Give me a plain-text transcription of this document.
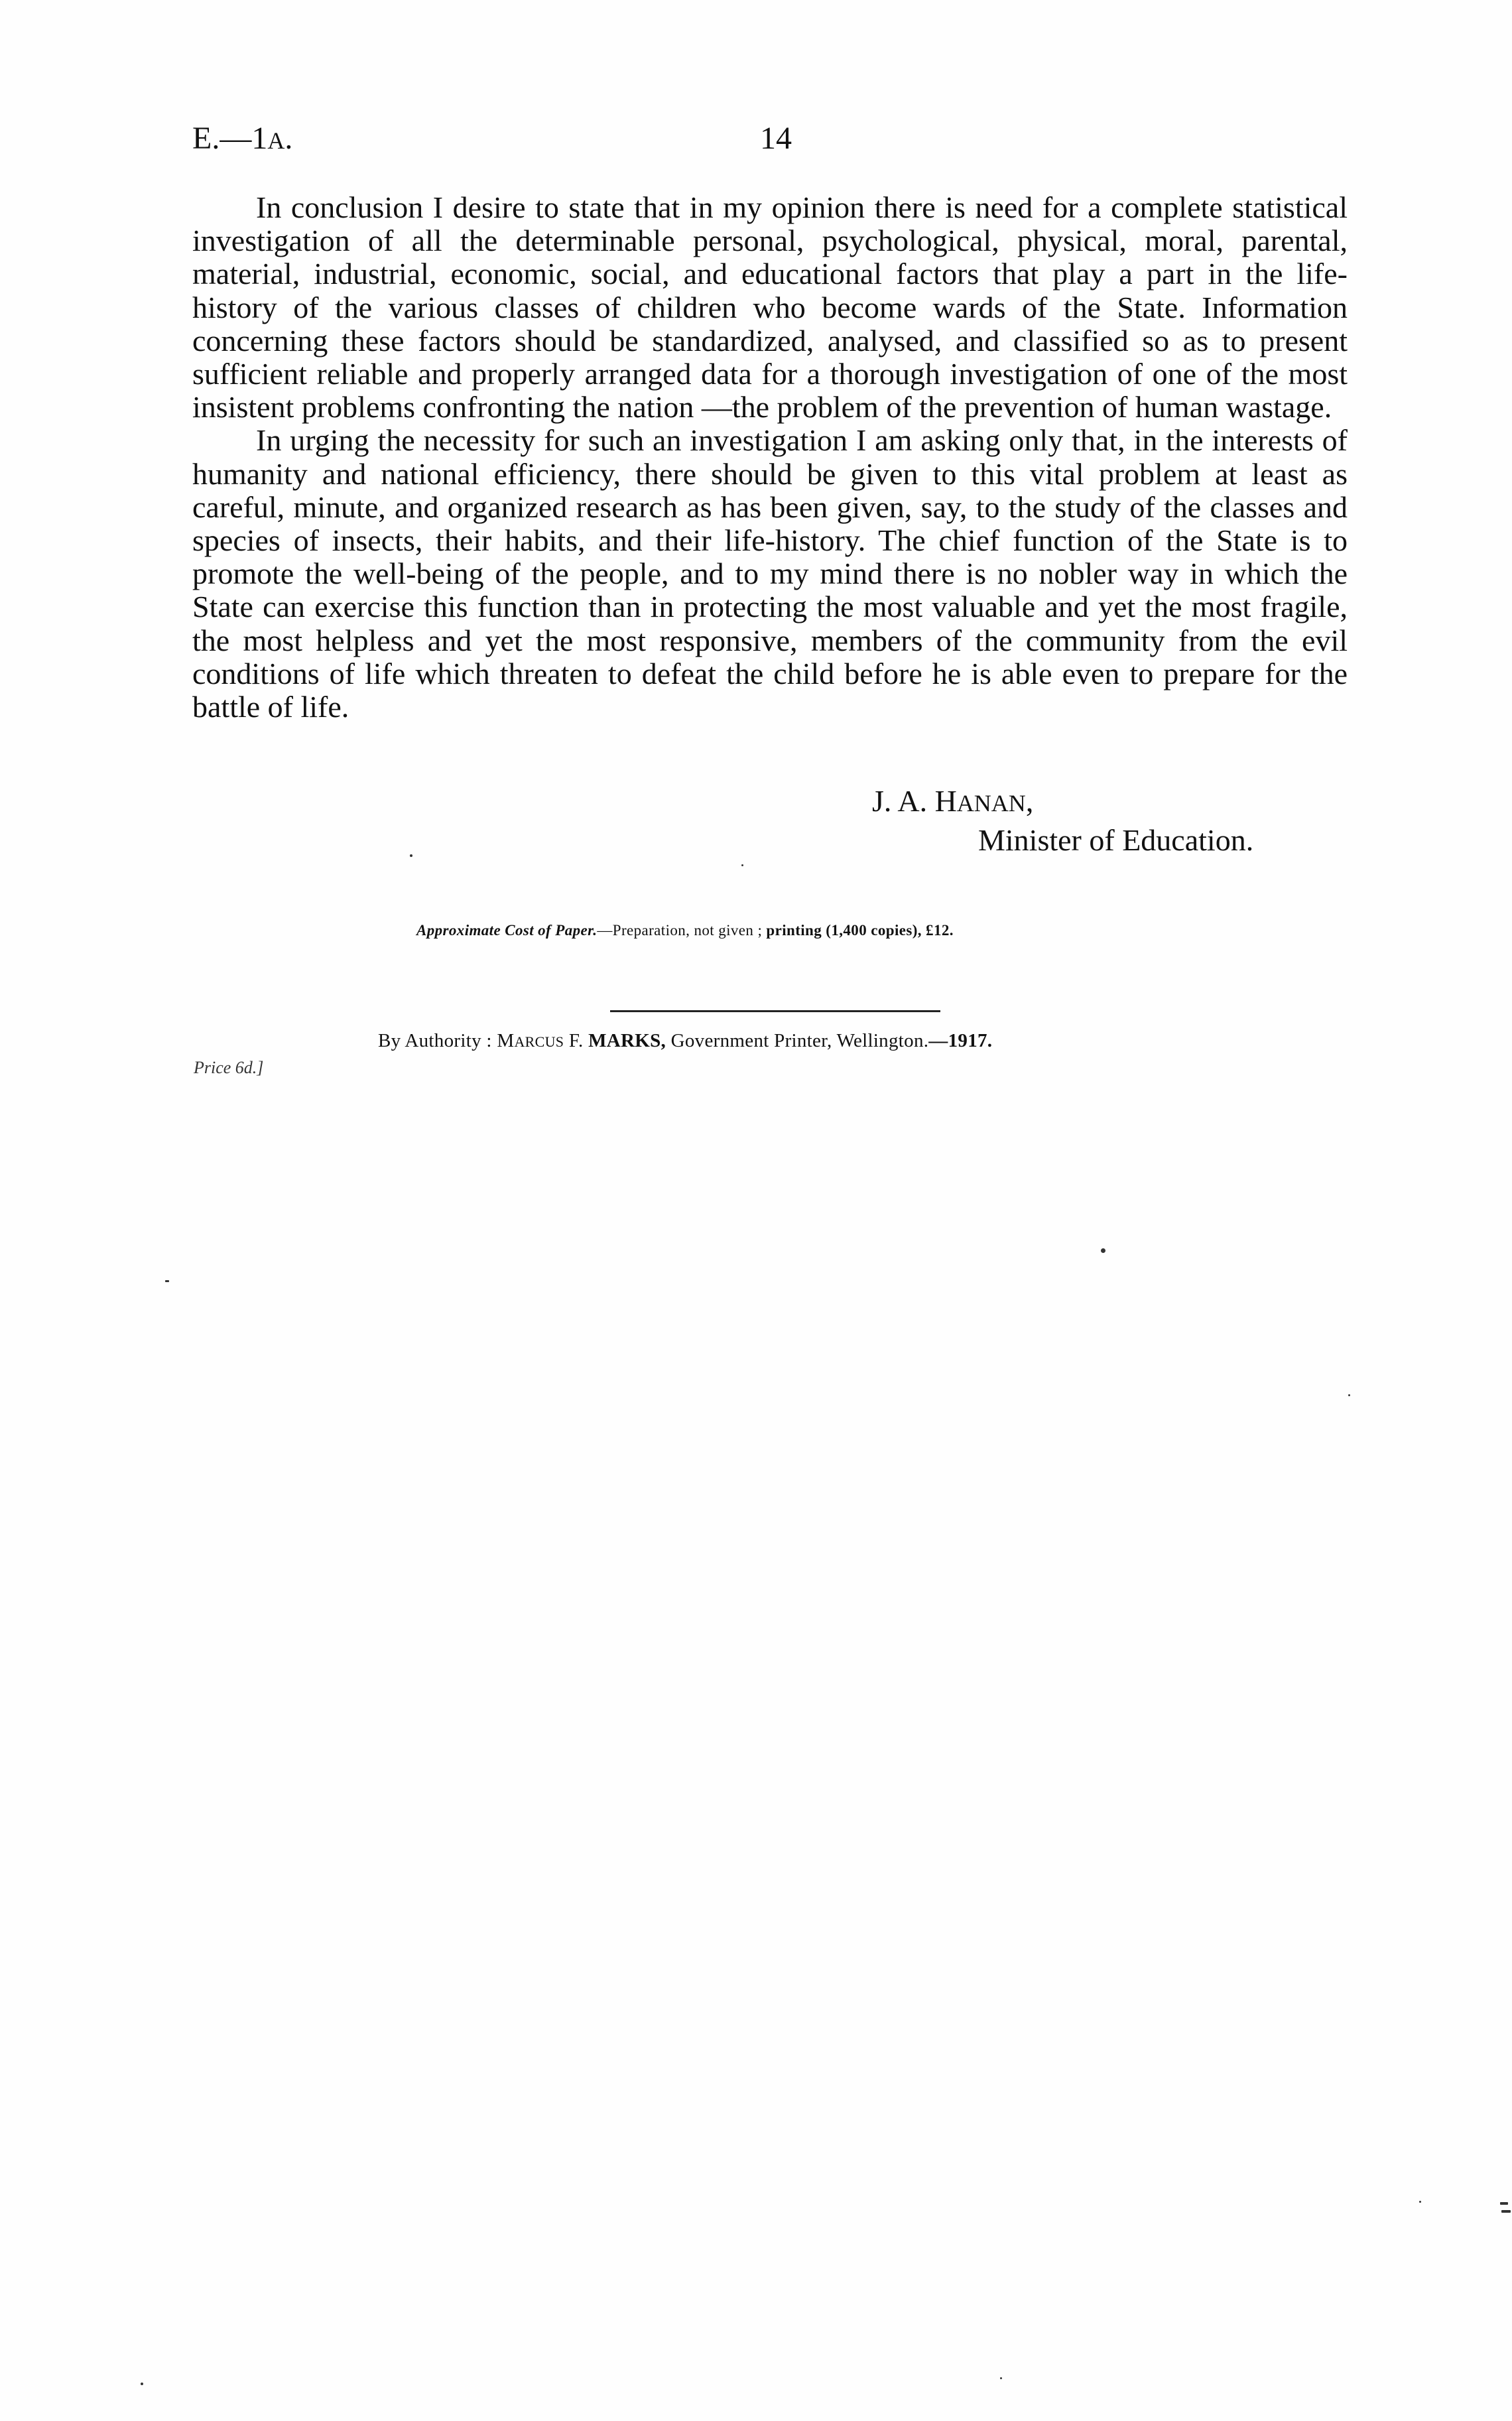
E.—1A.	14

In conclusion I desire to state that in my opinion there is need for a complete statistical investigation of all the determinable personal, psychological, physical, moral, parental, material, industrial, economic, social, and educational factors that play a part in the life-history of the various classes of children who become wards of the State. Information concerning these factors should be standardized, analysed, and classified so as to present sufficient reliable and properly arranged data for a thorough investigation of one of the most insistent problems confronting the nation —the problem of the prevention of human wastage.

In urging the necessity for such an investigation I am asking only that, in the interests of humanity and national efficiency, there should be given to this vital problem at least as careful, minute, and organized research as has been given, say, to the study of the classes and species of insects, their habits, and their life-history. The chief function of the State is to promote the well-being of the people, and to my mind there is no nobler way in which the State can exercise this function than in protecting the most valuable and yet the most fragile, the most helpless and yet the most responsive, members of the community from the evil conditions of life which threaten to defeat the child before he is able even to prepare for the battle of life.

J. A. HANAN,
Minister of Education.
Approximate Cost of Paper.—Preparation, not given ; printing (1,400 copies), £12.
By Authority : MARCUS F. MARKS, Government Printer, Wellington.—1917.
Price 6d.]
